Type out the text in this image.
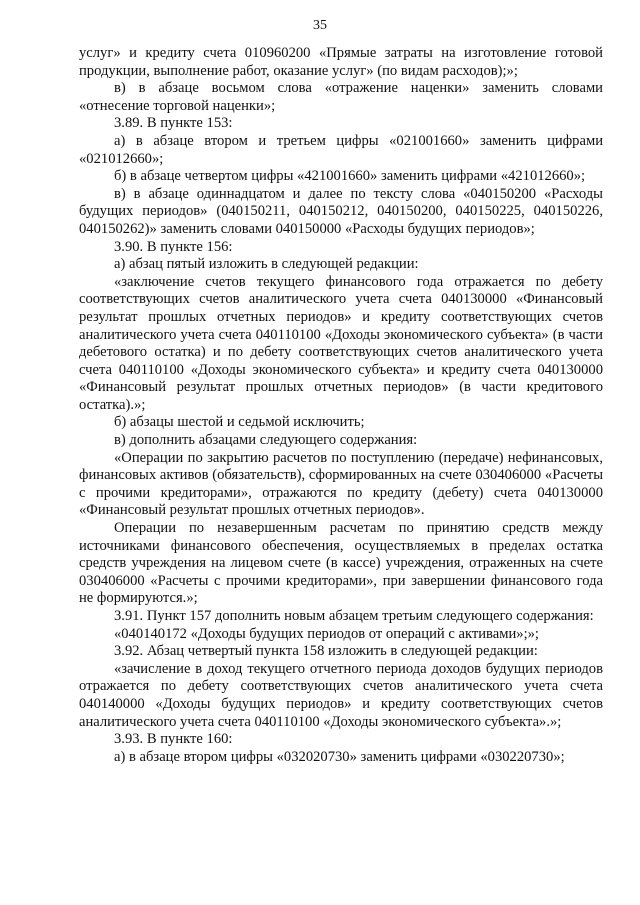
35

услуг» и кредиту счета 010960200 «Прямые затраты на изготовление готовой продукции, выполнение работ, оказание услуг» (по видам расходов);»;

в) в абзаце восьмом слова «отражение наценки» заменить словами «отнесение торговой наценки»;

3.89. В пункте 153:

а) в абзаце втором и третьем цифры «021001660» заменить цифрами «021012660»;

б) в абзаце четвертом цифры «421001660» заменить цифрами «421012660»;

в) в абзаце одиннадцатом и далее по тексту слова «040150200 «Расходы будущих периодов» (040150211, 040150212, 040150200, 040150225, 040150226, 040150262)» заменить словами 040150000 «Расходы будущих периодов»;

3.90. В пункте 156:

а) абзац пятый изложить в следующей редакции:

«заключение счетов текущего финансового года отражается по дебету соответствующих счетов аналитического учета счета 040130000 «Финансовый результат прошлых отчетных периодов» и кредиту соответствующих счетов аналитического учета счета 040110100 «Доходы экономического субъекта» (в части дебетового остатка) и по дебету соответствующих счетов аналитического учета счета 040110100 «Доходы экономического субъекта» и кредиту счета 040130000 «Финансовый результат прошлых отчетных периодов» (в части кредитового остатка).»;

б) абзацы шестой и седьмой исключить;

в) дополнить абзацами следующего содержания:

«Операции по закрытию расчетов по поступлению (передаче) нефинансовых, финансовых активов (обязательств), сформированных на счете 030406000 «Расчеты с прочими кредиторами», отражаются по кредиту (дебету) счета 040130000 «Финансовый результат прошлых отчетных периодов».

Операции по незавершенным расчетам по принятию средств между источниками финансового обеспечения, осуществляемых в пределах остатка средств учреждения на лицевом счете (в кассе) учреждения, отраженных на счете 030406000 «Расчеты с прочими кредиторами», при завершении финансового года не формируются.»;

3.91. Пункт 157 дополнить новым абзацем третьим следующего содержания:

«040140172 «Доходы будущих периодов от операций с активами»;»;

3.92. Абзац четвертый пункта 158 изложить в следующей редакции:

«зачисление в доход текущего отчетного периода доходов будущих периодов отражается по дебету соответствующих счетов аналитического учета счета 040140000 «Доходы будущих периодов» и кредиту соответствующих счетов аналитического учета счета 040110100 «Доходы экономического субъекта».»;

3.93. В пункте 160:

а) в абзаце втором цифры «032020730» заменить цифрами «030220730»;
